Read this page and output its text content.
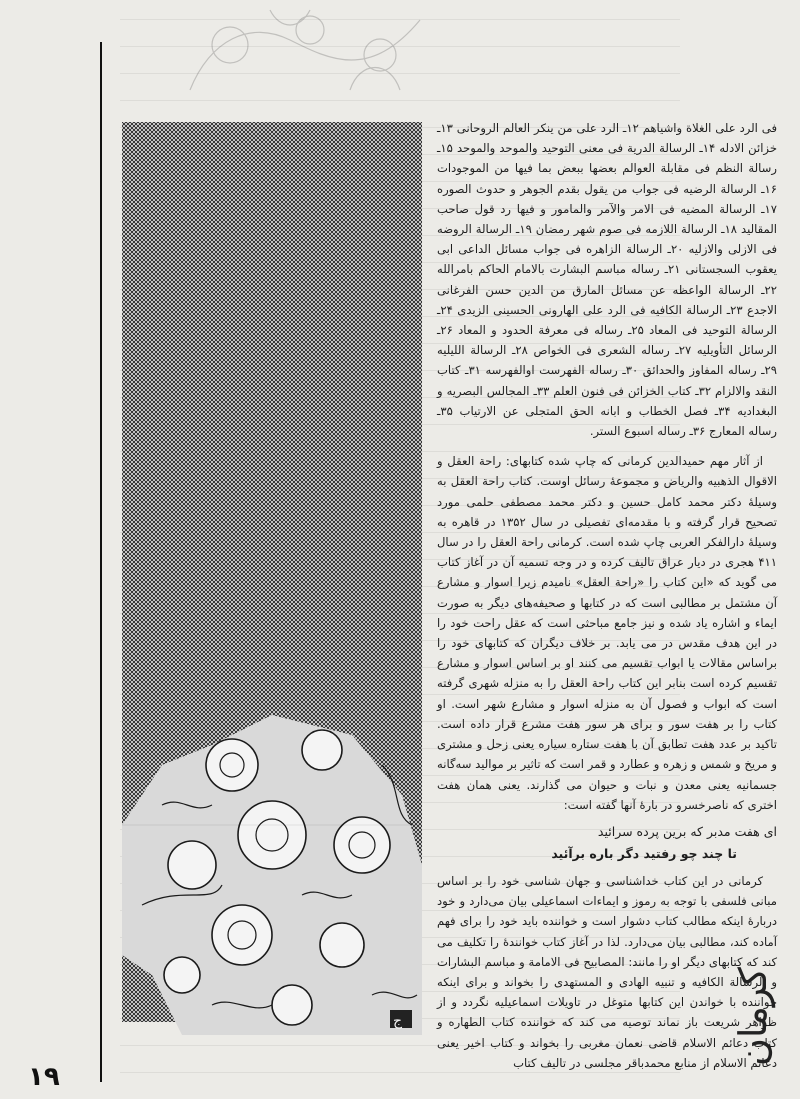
ج

فی الرد علی الغلاة واشیاهم ۱۲ـ الرد علی من ینکر العالم الروحانی ۱۳ـ خزائن الادله ۱۴ـ الرسالة الدریة فی معنی التوحید والموحد والموحد ۱۵ـ رسالة النظم فی مقابلة العوالم بعضها ببعض بما فیها من الموجودات ۱۶ـ الرسالة الرضیه فی جواب من یقول بقدم الجوهر و حدوث الصوره ۱۷ـ الرسالة المضیه فی الامر والآمر والمامور و فیها رد قول صاحب المقالید ۱۸ـ الرسالة اللازمه فی صوم شهر رمضان ۱۹ـ الرسالة الروضه فی الازلی والازلیه ۲۰ـ الرسالة الزاهره فی جواب مسائل الداعی ابی یعقوب السجستانی ۲۱ـ رساله مباسم البشارت بالامام الحاکم بامرالله ۲۲ـ الرسالة الواعظه عن مسائل المارق من الدین حسن الفرغانی الاجدع ۲۳ـ الرسالة الکافیه فی الرد علی الهارونی الحسینی الزیدی ۲۴ـ الرسالة التوحید فی المعاد ۲۵ـ رساله فی معرفة الحدود و المعاد ۲۶ـ الرسائل التأویلیه ۲۷ـ رساله الشعری فی الخواص ۲۸ـ الرسالة اللیلیه ۲۹ـ رساله المفاوز والحدائق ۳۰ـ رساله الفهرست اوالفهرسه ۳۱ـ کتاب النقد والالزام ۳۲ـ کتاب الخزائن فی فنون العلم ۳۳ـ المجالس البصریه و البغدادیه ۳۴ـ فصل الخطاب و ابانه الحق المتجلی عن الارتیاب ۳۵ـ رساله المعارج ۳۶ـ رساله اسبوع الستر.

از آثار مهم حمیدالدین کرمانی که چاپ شده کتابهای: راحة العقل و الاقوال الذهبیه والریاض و مجموعهٔ رسائل اوست. کتاب راحة العقل به وسیلهٔ دکتر محمد کامل حسین و دکتر محمد مصطفی حلمی مورد تصحیح قرار گرفته و با مقدمه‌ای تفصیلی در سال ۱۳۵۲ در قاهره به وسیلهٔ دارالفکر العربی چاپ شده است. کرمانی راحة العقل را در سال ۴۱۱ هجری در دیار عراق تالیف کرده و در وجه تسمیه آن در آغاز کتاب می گوید که «این کتاب را «راحة العقل» نامیدم زیرا اسوار و مشارع آن مشتمل بر مطالبی است که در کتابها و صحیفه‌های دیگر به صورت ایماء و اشاره یاد شده و نیز جامع مباحثی است که عقل راحت خود را در این هدف مقدس در می یابد. بر خلاف دیگران که کتابهای خود را براساس مقالات یا ابواب تقسیم می کنند او بر اساس اسوار و مشارع تقسیم کرده است بنابر این کتاب راحة العقل را به منزله شهری گرفته است که ابواب و فصول آن به منزله اسوار و مشارع شهر است. او کتاب را بر هفت سور و برای هر سور هفت مشرع قرار داده است. تاکید بر عدد هفت تطابق آن با هفت ستاره سیاره یعنی زحل و مشتری و مریخ و شمس و زهره و عطارد و قمر است که تاثیر بر موالید سه‌گانه جسمانیه یعنی معدن و نبات و حیوان می گذارند. یعنی همان هفت اختری که ناصرخسرو در بارهٔ آنها گفته است:

ای هفت مدبر که برین پرده سرائید
تا چند چو رفتید دگر باره برآئید

کرمانی در این کتاب خداشناسی و جهان شناسی خود را بر اساس مبانی فلسفی با توجه به رموز و ایماءات اسماعیلی بیان می‌دارد و خود دربارهٔ اینکه مطالب کتاب دشوار است و خواننده باید خود را برای فهم آماده کند، مطالبی بیان می‌دارد. لذا در آغاز کتاب خوانندهٔ را تکلیف می کند که کتابهای دیگر او را مانند: المصابیح فی الامامة و مباسم البشارات و الرسالة الکافیه و تنبیه الهادی و المستهدی را بخواند و برای اینکه خواننده با خواندن این کتابها متوغل در تاویلات اسماعیلیه نگردد و از ظواهر شریعت باز نماند توصیه می کند که خواننده کتاب الطهاره و کتاب دعائم الاسلام قاضی نعمان مغربی را بخواند و کتاب اخیر یعنی دعائم الاسلام از منابع محمدباقر مجلسی در تالیف کتاب

کرمان
۱۹
